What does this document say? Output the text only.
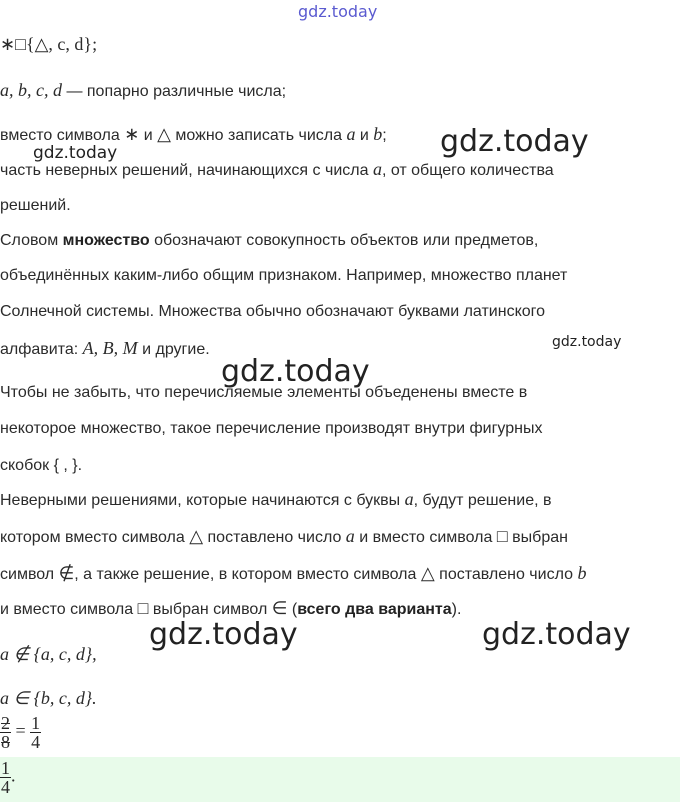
gdz.today
gdz.today
gdz.today
gdz.today
gdz.today
gdz.today	gdz.today
∗□{△, c, d};
a, b, c, d — попарно различные числа;
вместо символа ∗ и △ можно записать числа a и b;
часть неверных решений, начинающихся с числа a, от общего количества
решений.
Словом множество обозначают совокупность объектов или предметов,
объединённых каким-либо общим признаком. Например, множество планет
Солнечной системы. Множества обычно обозначают буквами латинского
алфавита: A, B, M и другие.
Чтобы не забыть, что перечисляемые элементы объеденены вместе в
некоторое множество, такое перечисление производят внутри фигурных
скобок { , }.
Неверными решениями, которые начинаются с буквы a, будут решение, в
котором вместо символа △ поставлено число a и вместо символа □ выбран
символ ∉, а также решение, в котором вместо символа △ поставлено число b
и вместо символа □ выбран символ ∈ (всего два варианта).
a ∉ {a, c, d},
a ∈ {b, c, d}.
$\frac{2}{8} = \frac{1}{4}$
$\frac{1}{4}$ .
